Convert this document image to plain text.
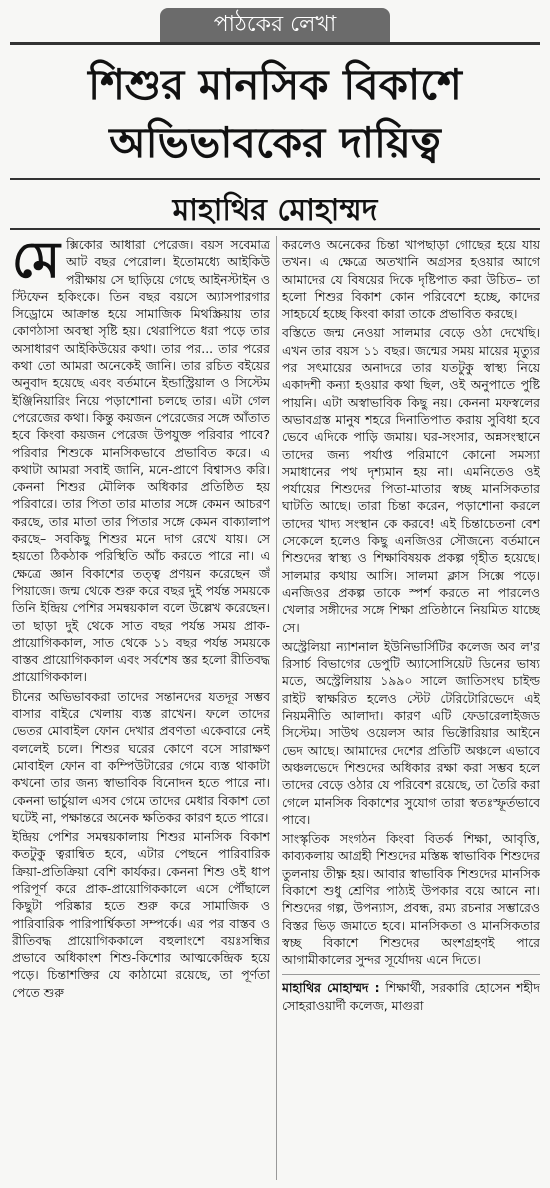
পাঠকের লেখা
শিশুর মানসিক বিকাশে
অভিভাবকের দায়িত্ব
মাহাথির মোহাম্মদ

মে ক্সিকোর আধারা পেরেজ। বয়স সবেমাত্র আট বছর পেরোল। ইতোমধ্যে আইকিউ পরীক্ষায় সে ছাড়িয়ে গেছে আইনস্টাইন ও স্টিফেন হকিংকে। তিন বছর বয়সে অ্যাসপারগার সিড্রোমে আক্রান্ত হয়ে সামাজিক মিথস্ক্রিয়ায় তার কোণঠাসা অবস্থা সৃষ্টি হয়। থেরাপিতে ধরা পড়ে তার অসাধারণ আইকিউয়ের কথা। তার পর... তার পরের কথা তো আমরা অনেকেই জানি। তার রচিত বইয়ের অনুবাদ হয়েছে এবং বর্তমানে ইন্ডাস্ট্রিয়াল ও সিস্টেম ইঞ্জিনিয়ারিং নিয়ে পড়াশোনা চলছে তার। এটা গেল পেরেজের কথা। কিন্তু কয়জন পেরেজের সঙ্গে আঁতাত হবে কিংবা কয়জন পেরেজ উপযুক্ত পরিবার পাবে? পরিবার শিশুকে মানসিকভাবে প্রভাবিত করে। এ কথাটা আমরা সবাই জানি, মনে-প্রাণে বিশ্বাসও করি। কেননা শিশুর মৌলিক অধিকার প্রতিষ্ঠিত হয় পরিবারে। তার পিতা তার মাতার সঙ্গে কেমন আচরণ করছে, তার মাতা তার পিতার সঙ্গে কেমন বাক্যালাপ করছে– সবকিছু শিশুর মনে দাগ রেখে যায়। সে হয়তো ঠিকঠাক পরিস্থিতি আঁচ করতে পারে না। এ ক্ষেত্রে জ্ঞান বিকাশের তত্ত্ব প্রণয়ন করেছেন জঁ পিয়াজে। জন্ম থেকে শুরু করে বছর দুই পর্যন্ত সময়কে তিনি ইন্দ্রিয় পেশির সমন্বয়কাল বলে উল্লেখ করেছেন। তা ছাড়া দুই থেকে সাত বছর পর্যন্ত সময় প্রাক-প্রায়োগিককাল, সাত থেকে ১১ বছর পর্যন্ত সময়কে বাস্তব প্রায়োগিককাল এবং সর্বশেষ স্তর হলো রীতিবদ্ধ প্রায়োগিককাল।

চীনের অভিভাবকরা তাদের সন্তানদের যতদূর সম্ভব বাসার বাইরে খেলায় ব্যস্ত রাখেন। ফলে তাদের ভেতর মোবাইল ফোন দেখার প্রবণতা একেবারে নেই বললেই চলে। শিশুর ঘরের কোণে বসে সারাক্ষণ মোবাইল ফোন বা কম্পিউটারের গেমে ব্যস্ত থাকাটা কখনো তার জন্য স্বাভাবিক বিনোদন হতে পারে না। কেননা ভার্চুয়াল এসব গেমে তাদের মেধার বিকাশ তো ঘটেই না, পক্ষান্তরে অনেক ক্ষতিকর কারণ হতে পারে।

ইন্দ্রিয় পেশির সমন্বয়কালায় শিশুর মানসিক বিকাশ কতটুকু ত্বরান্বিত হবে, এটার পেছনে পারিবারিক ক্রিয়া-প্রতিক্রিয়া বেশি কার্যকর। কেননা শিশু ওই ধাপ পরিপূর্ণ করে প্রাক-প্রায়োগিককালে এসে পৌঁছালে কিছুটা পরিষ্কার হতে শুরু করে সামাজিক ও পারিবারিক পারিপার্শ্বিকতা সম্পর্কে। এর পর বাস্তব ও রীতিবদ্ধ প্রায়োগিককালে বহুলাংশে বয়ঃসন্ধির প্রভাবে অধিকাংশ শিশু-কিশোর আত্মকেন্দ্রিক হয়ে পড়ে। চিন্তাশক্তির যে কাঠামো রয়েছে, তা পূর্ণতা পেতে শুরু

করলেও অনেকের চিন্তা খাপছাড়া গোছের হয়ে যায় তখন। এ ক্ষেত্রে অতখানি অগ্রসর হওয়ার আগে আমাদের যে বিষয়ের দিকে দৃষ্টিপাত করা উচিত– তা হলো শিশুর বিকাশ কোন পরিবেশে হচ্ছে, কাদের সাহচর্যে হচ্ছে কিংবা কারা তাকে প্রভাবিত করছে।

বস্তিতে জন্ম নেওয়া সালমার বেড়ে ওঠা দেখেছি। এখন তার বয়স ১১ বছর। জন্মের সময় মায়ের মৃত্যুর পর সৎমায়ের অনাদরে তার যতটুকু স্বাস্থ্য নিয়ে একাদশী কন্যা হওয়ার কথা ছিল, ওই অনুপাতে পুষ্টি পায়নি। এটা অস্বাভাবিক কিছু নয়। কেননা মফস্বলের অভাবগ্রস্ত মানুষ শহরে দিনাতিপাত করায় সুবিধা হবে ভেবে এদিকে পাড়ি জমায়। ঘর-সংসার, অন্নসংস্থানে তাদের জন্য পর্যাপ্ত পরিমাণে কোনো সমস্যা সমাধানের পথ দৃশ্যমান হয় না। এমনিতেও ওই পর্যায়ের শিশুদের পিতা-মাতার স্বচ্ছ মানসিকতার ঘাটতি আছে। তারা চিন্তা করেন, পড়াশোনা করলে তাদের খাদ্য সংস্থান কে করবে! এই চিন্তাচেতনা বেশ সেকেলে হলেও কিছু এনজিওর সৌজন্যে বর্তমানে শিশুদের স্বাস্থ্য ও শিক্ষাবিষয়ক প্রকল্প গৃহীত হয়েছে। সালমার কথায় আসি। সালমা ক্লাস সিক্সে পড়ে। এনজিওর প্রকল্প তাকে স্পর্শ করতে না পারলেও খেলার সঙ্গীদের সঙ্গে শিক্ষা প্রতিষ্ঠানে নিয়মিত যাচ্ছে সে।

অস্ট্রেলিয়া ন্যাশনাল ইউনিভার্সিটির কলেজ অব ল'র রিসার্চ বিভাগের ডেপুটি অ্যাসোসিয়েট ডিনের ভাষ্য মতে, অস্ট্রেলিয়ায় ১৯৯০ সালে জাতিসংঘ চাইল্ড রাইট স্বাক্ষরিত হলেও স্টেট টেরিটোরিভেদে এই নিয়মনীতি আলাদা। কারণ এটি ফেডারেলাইজড সিস্টেম। সাউথ ওয়েলস আর ভিক্টোরিয়ার আইনে ভেদ আছে। আমাদের দেশের প্রতিটি অঞ্চলে এভাবে অঞ্চলভেদে শিশুদের অধিকার রক্ষা করা সম্ভব হলে তাদের বেড়ে ওঠার যে পরিবেশ রয়েছে, তা তৈরি করা গেলে মানসিক বিকাশের সুযোগ তারা স্বতঃস্ফূর্তভাবে পাবে।

সাংস্কৃতিক সংগঠন কিংবা বিতর্ক শিক্ষা, আবৃত্তি, কাব্যকলায় আগ্রহী শিশুদের মস্তিষ্ক স্বাভাবিক শিশুদের তুলনায় তীক্ষ্ণ হয়। আবার স্বাভাবিক শিশুদের মানসিক বিকাশে শুধু শ্রেণির পাঠ্যই উপকার বয়ে আনে না। শিশুদের গল্প, উপন্যাস, প্রবন্ধ, রম্য রচনার সম্ভারেও বিস্তর ভিড় জমাতে হবে। মানসিকতা ও মানসিকতার স্বচ্ছ বিকাশে শিশুদের অংশগ্রহণই পারে আগামীকালের সুন্দর সূর্যোদয় এনে দিতে।

মাহাথির মোহাম্মদ : শিক্ষার্থী, সরকারি হোসেন শহীদ সোহরাওয়ার্দী কলেজ, মাগুরা
